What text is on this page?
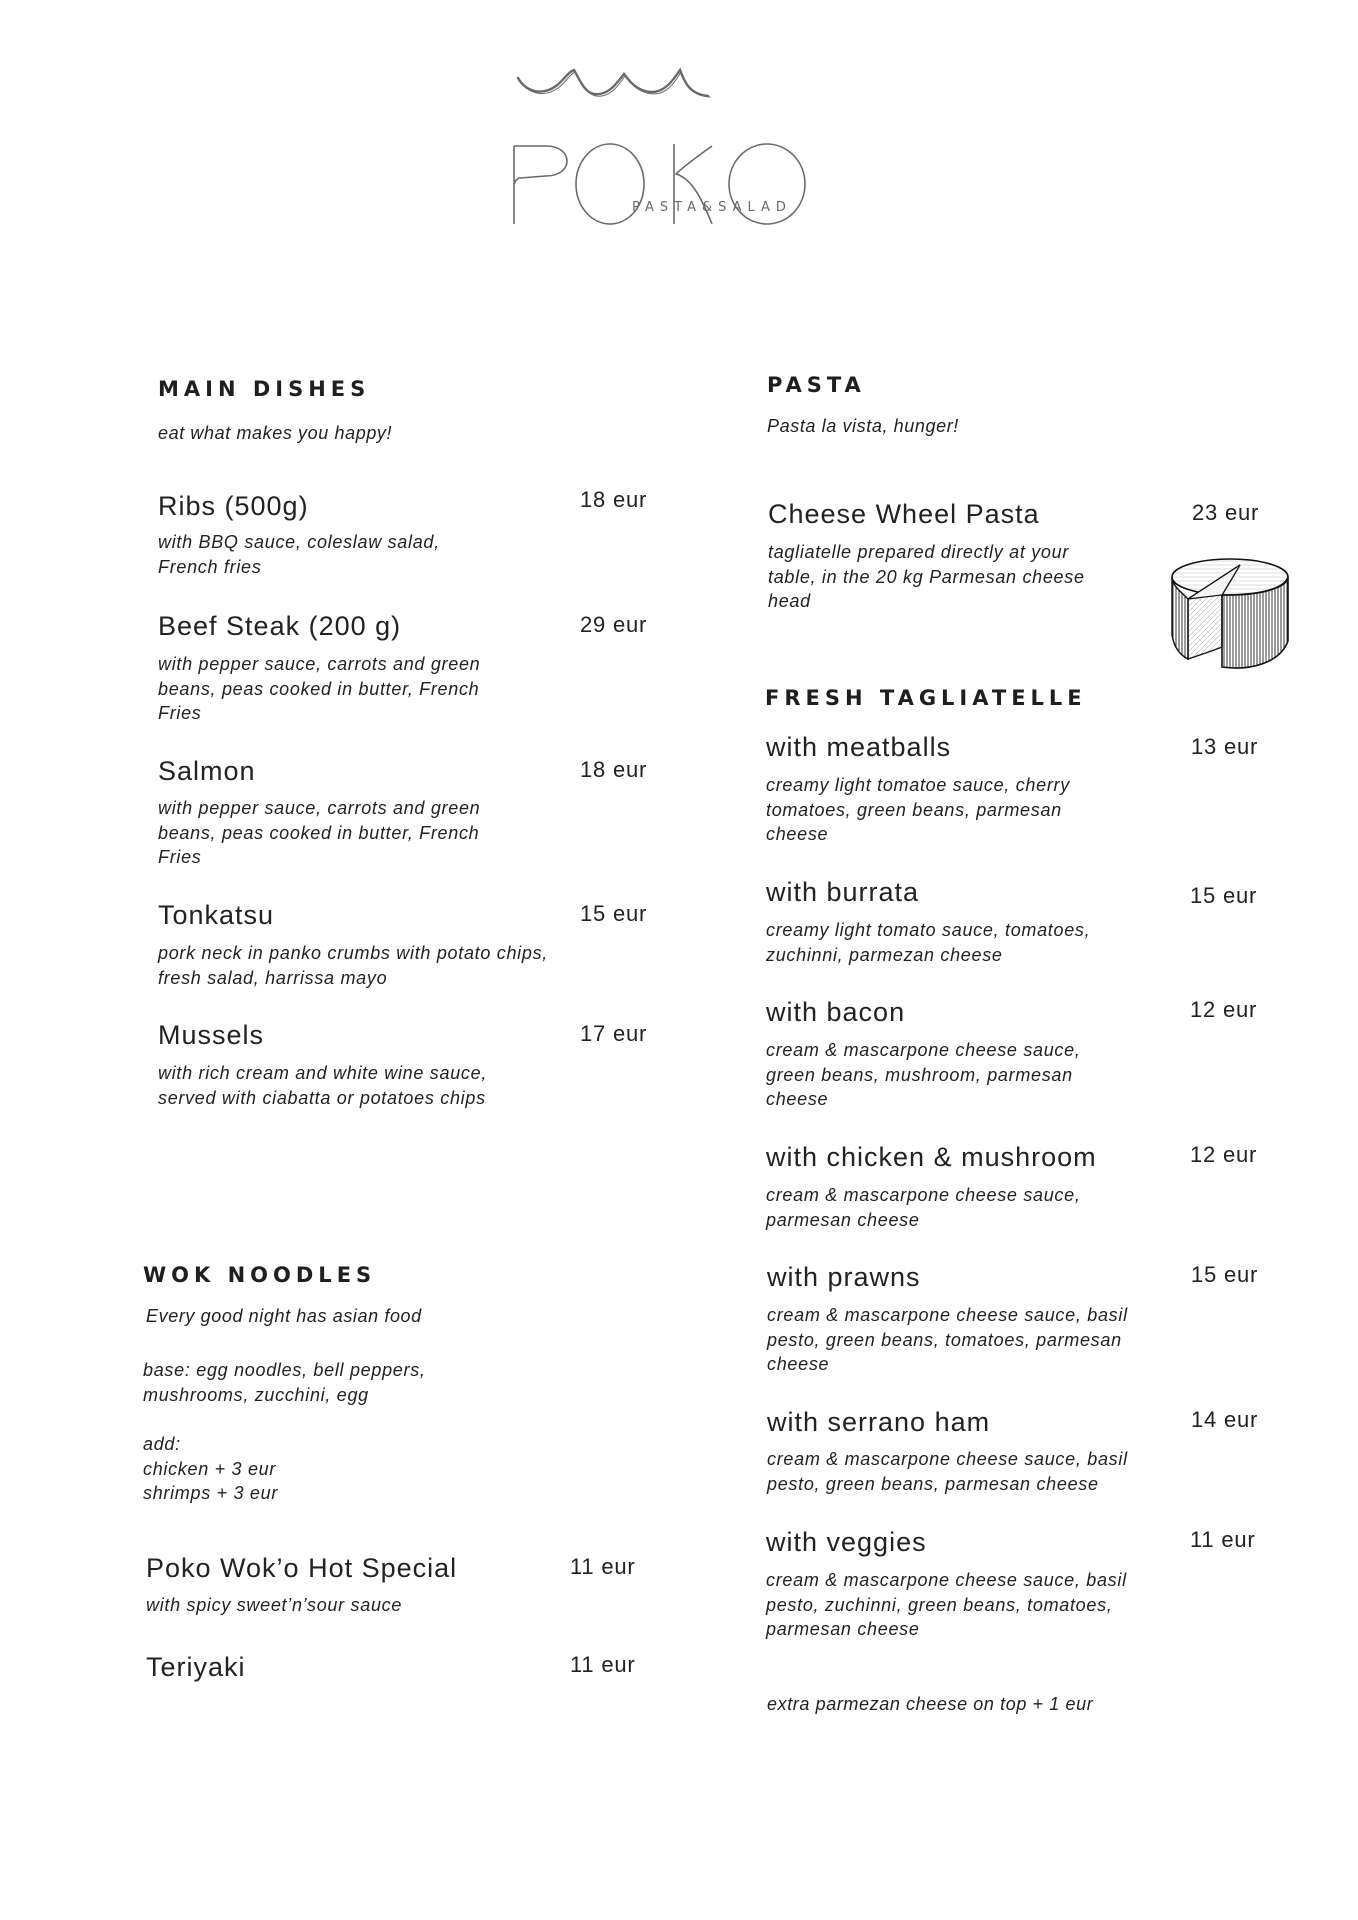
PASTA&SALAD
MAIN DISHES
eat what makes you happy!
Ribs (500g)	18 eur
with BBQ sauce, coleslaw salad,
French fries
Beef Steak (200 g)	29 eur
with pepper sauce, carrots and green
beans, peas cooked in butter, French
Fries
Salmon	18 eur
with pepper sauce, carrots and green
beans, peas cooked in butter, French
Fries
Tonkatsu	15 eur
pork neck in panko crumbs with potato chips,
fresh salad, harrissa mayo
Mussels	17 eur
with rich cream and white wine sauce,
served with ciabatta or potatoes chips
WOK NOODLES
Every good night has asian food
base: egg noodles, bell peppers,
mushrooms, zucchini, egg
add:
chicken + 3 eur
shrimps + 3 eur
Poko Wok’o Hot Special	11 eur
with spicy sweet’n’sour sauce
Teriyaki	11 eur
PASTA
Pasta la vista, hunger!
Cheese Wheel Pasta	23 eur
tagliatelle prepared directly at your
table, in the 20 kg Parmesan cheese
head
FRESH TAGLIATELLE
with meatballs	13 eur
creamy light tomatoe sauce, cherry
tomatoes, green beans, parmesan
cheese
with burrata	15 eur
creamy light tomato sauce, tomatoes,
zuchinni, parmezan cheese
with bacon	12 eur
cream & mascarpone cheese sauce,
green beans, mushroom, parmesan
cheese
with chicken & mushroom	12 eur
cream & mascarpone cheese sauce,
parmesan cheese
with prawns	15 eur
cream & mascarpone cheese sauce, basil
pesto, green beans, tomatoes, parmesan
cheese
with serrano ham	14 eur
cream & mascarpone cheese sauce, basil
pesto, green beans, parmesan cheese
with veggies	11 eur
cream & mascarpone cheese sauce, basil
pesto, zuchinni, green beans, tomatoes,
parmesan cheese
extra parmezan cheese on top + 1 eur
